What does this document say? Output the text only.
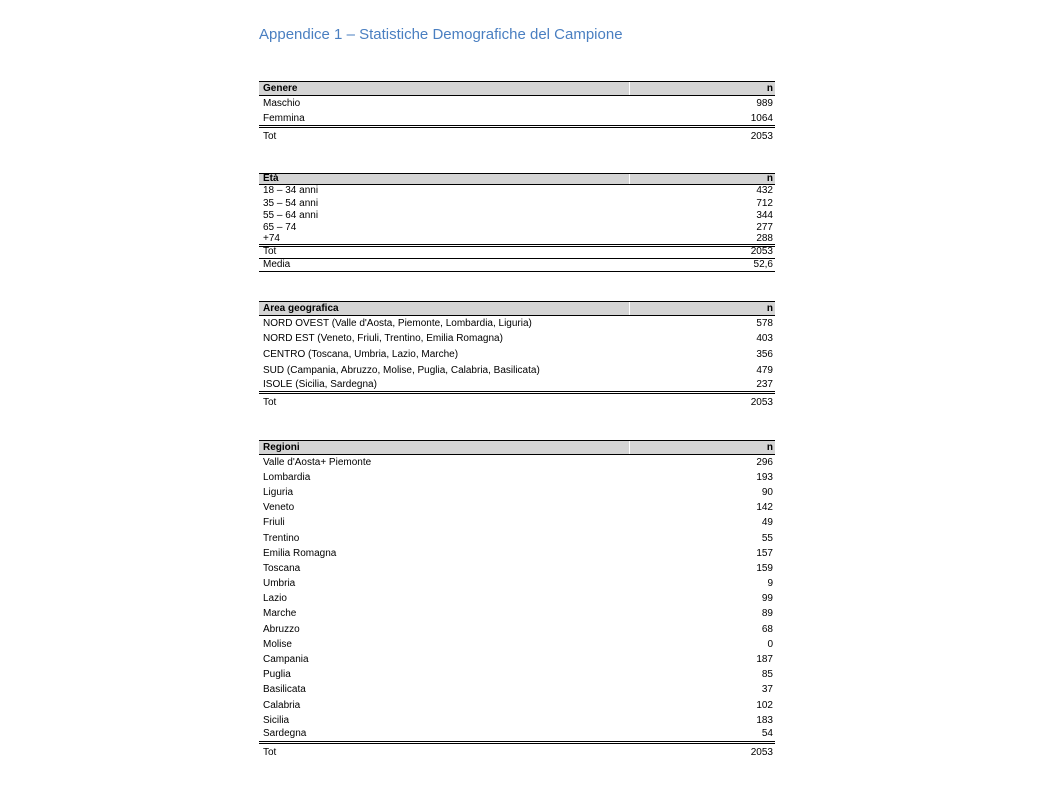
Appendice 1 – Statistiche Demografiche del Campione
Genere	n
Maschio	989
Femmina	1064
Tot	2053
Età	n
18 – 34 anni	432
35 – 54 anni	712
55 – 64 anni	344
65 – 74	277
+74	288
Tot	2053
Media	52,6
Area geografica	n
NORD OVEST (Valle d'Aosta, Piemonte, Lombardia, Liguria)	578
NORD EST (Veneto, Friuli, Trentino, Emilia Romagna)	403
CENTRO (Toscana, Umbria, Lazio, Marche)	356
SUD (Campania, Abruzzo, Molise, Puglia, Calabria, Basilicata)	479
ISOLE (Sicilia, Sardegna)	237
Tot	2053
Regioni	n
Valle d'Aosta+ Piemonte	296
Lombardia	193
Liguria	90
Veneto	142
Friuli	49
Trentino	55
Emilia Romagna	157
Toscana	159
Umbria	9
Lazio	99
Marche	89
Abruzzo	68
Molise	0
Campania	187
Puglia	85
Basilicata	37
Calabria	102
Sicilia	183
Sardegna	54
Tot	2053
